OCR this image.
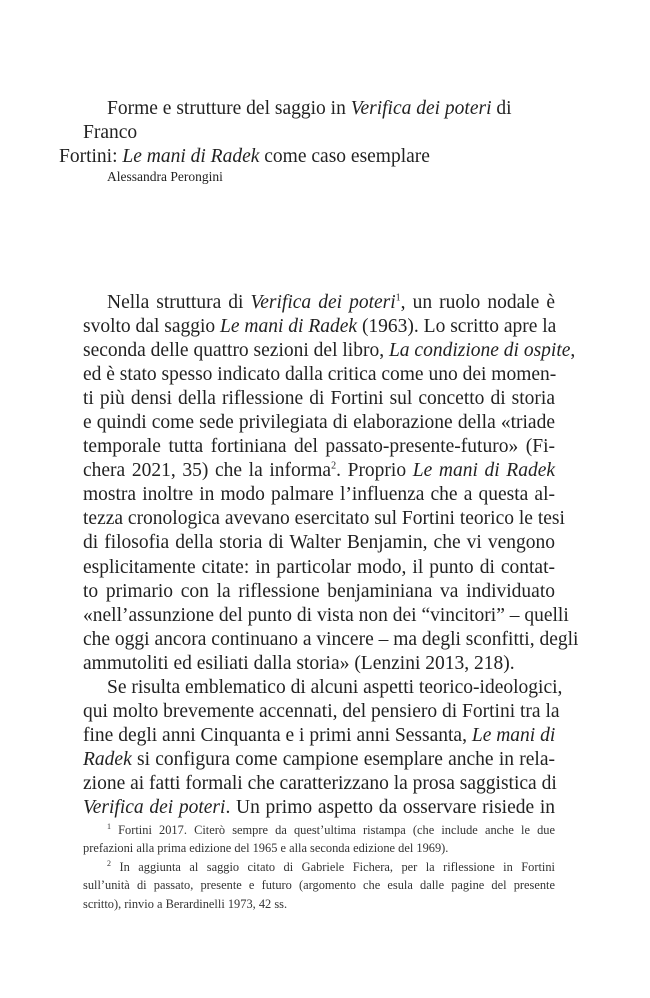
Forme e strutture del saggio in Verifica dei poteri di Franco
Fortini: Le mani di Radek come caso esemplare
Alessandra Perongini
Nella struttura di Verifica dei poteri$^1$, un ruolo nodale è
svolto dal saggio Le mani di Radek (1963). Lo scritto apre la
seconda delle quattro sezioni del libro, La condizione di ospite,
ed è stato spesso indicato dalla critica come uno dei momen-
ti più densi della riflessione di Fortini sul concetto di storia
e quindi come sede privilegiata di elaborazione della «triade
temporale tutta fortiniana del passato-presente-futuro» (Fi-
chera 2021, 35) che la informa$^2$. Proprio Le mani di Radek
mostra inoltre in modo palmare l’influenza che a questa al-
tezza cronologica avevano esercitato sul Fortini teorico le tesi
di filosofia della storia di Walter Benjamin, che vi vengono
esplicitamente citate: in particolar modo, il punto di contat-
to primario con la riflessione benjaminiana va individuato
«nell’assunzione del punto di vista non dei “vincitori” – quelli
che oggi ancora continuano a vincere – ma degli sconfitti, degli
ammutoliti ed esiliati dalla storia» (Lenzini 2013, 218).
Se risulta emblematico di alcuni aspetti teorico-ideologici,
qui molto brevemente accennati, del pensiero di Fortini tra la
fine degli anni Cinquanta e i primi anni Sessanta, Le mani di
Radek si configura come campione esemplare anche in rela-
zione ai fatti formali che caratterizzano la prosa saggistica di
Verifica dei poteri. Un primo aspetto da osservare risiede in
$^1$ Fortini 2017. Citerò sempre da quest’ultima ristampa (che include anche le due
prefazioni alla prima edizione del 1965 e alla seconda edizione del 1969).
$^2$ In aggiunta al saggio citato di Gabriele Fichera, per la riflessione in Fortini
sull’unità di passato, presente e futuro (argomento che esula dalle pagine del presente
scritto), rinvio a Berardinelli 1973, 42 ss.
